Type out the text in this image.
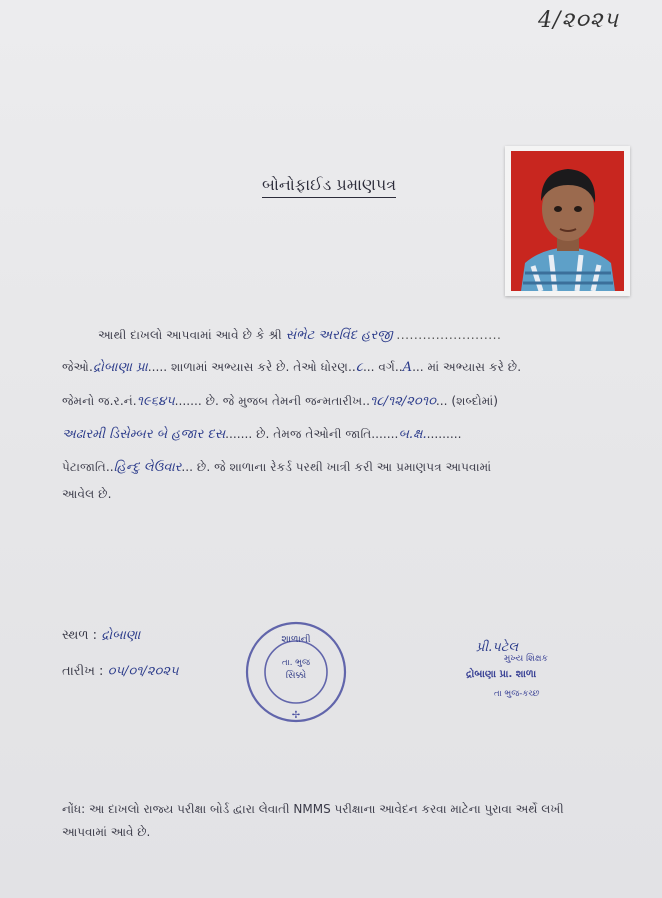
4/૨૦૨૫
બોનોફાઈડ પ્રમાણપત્ર
આથી દાખલો આપવામાં આવે છે કે શ્રી સંભેટ અરવિંદ હરજી ........................
જેઓ.દ્રોબાણા પ્રા..... શાળામાં અભ્યાસ કરે છે. તેઓ ધોરણ..૮... વર્ગ..A... માં અભ્યાસ કરે છે.
જેમનો જ.ર.નં.૧૯૬૪૫....... છે. જે મુજબ તેમની જન્મતારીખ..૧૮/૧૨/૨૦૧૦... (શબ્દોમાં)
અઢારમી ડિસેમ્બર બે હજાર દસ....... છે. તેમજ તેઓની જાતિ.......બ.ક્ષ..........
પેટાજાતિ..હિન્દુ લેઉવાર... છે. જે શાળાના રેકર્ડ પરથી ખાત્રી કરી આ પ્રમાણપત્ર આપવામાં
આવેલ છે.
સ્થળ : દ્રોબાણા
તારીખ : ૦૫/૦૧/૨૦૨૫
✢
શાળાની
તા. ભુજ
સિક્કો
પ્રી.પટેલ
મુખ્ય શિક્ષક
દ્રોબાણા પ્રા. શાળા
તા ભુજ-કચ્છ
નોંધ: આ દાખલો રાજ્ય પરીક્ષા બોર્ડ દ્વારા લેવાતી NMMS પરીક્ષાના આવેદન કરવા માટેના પુરાવા અર્થે લખી
આપવામાં આવે છે.
